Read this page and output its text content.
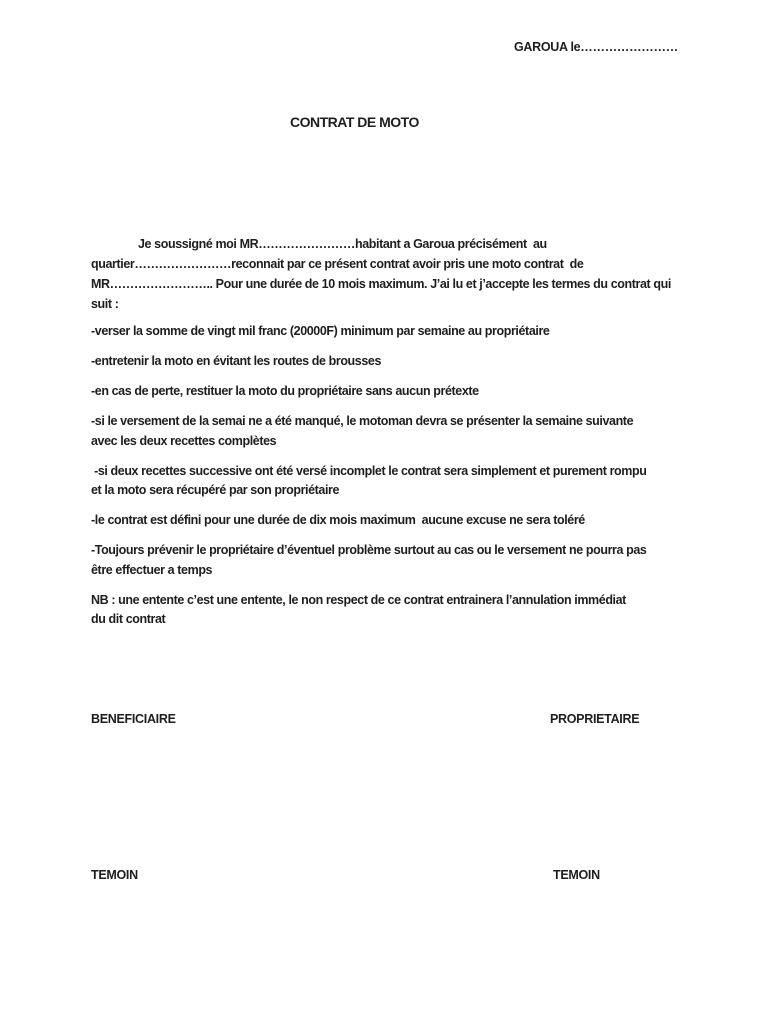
GAROUA le……………………
CONTRAT DE MOTO
Je soussigné moi MR……………………habitant a Garoua précisément  au
quartier……………………reconnait par ce présent contrat avoir pris une moto contrat  de
MR…………………….. Pour une durée de 10 mois maximum. J’ai lu et j’accepte les termes du contrat qui
suit :
-verser la somme de vingt mil franc (20000F) minimum par semaine au propriétaire
-entretenir la moto en évitant les routes de brousses
-en cas de perte, restituer la moto du propriétaire sans aucun prétexte
-si le versement de la semai ne a été manqué, le motoman devra se présenter la semaine suivante
avec les deux recettes complètes
-si deux recettes successive ont été versé incomplet le contrat sera simplement et purement rompu
et la moto sera récupéré par son propriétaire
-le contrat est défini pour une durée de dix mois maximum  aucune excuse ne sera toléré
-Toujours prévenir le propriétaire d’éventuel problème surtout au cas ou le versement ne pourra pas
être effectuer a temps
NB : une entente c’est une entente, le non respect de ce contrat entrainera l’annulation immédiat
du dit contrat

BENEFICIAIRE

	PROPRIETAIRE

TEMOIN

	TEMOIN
